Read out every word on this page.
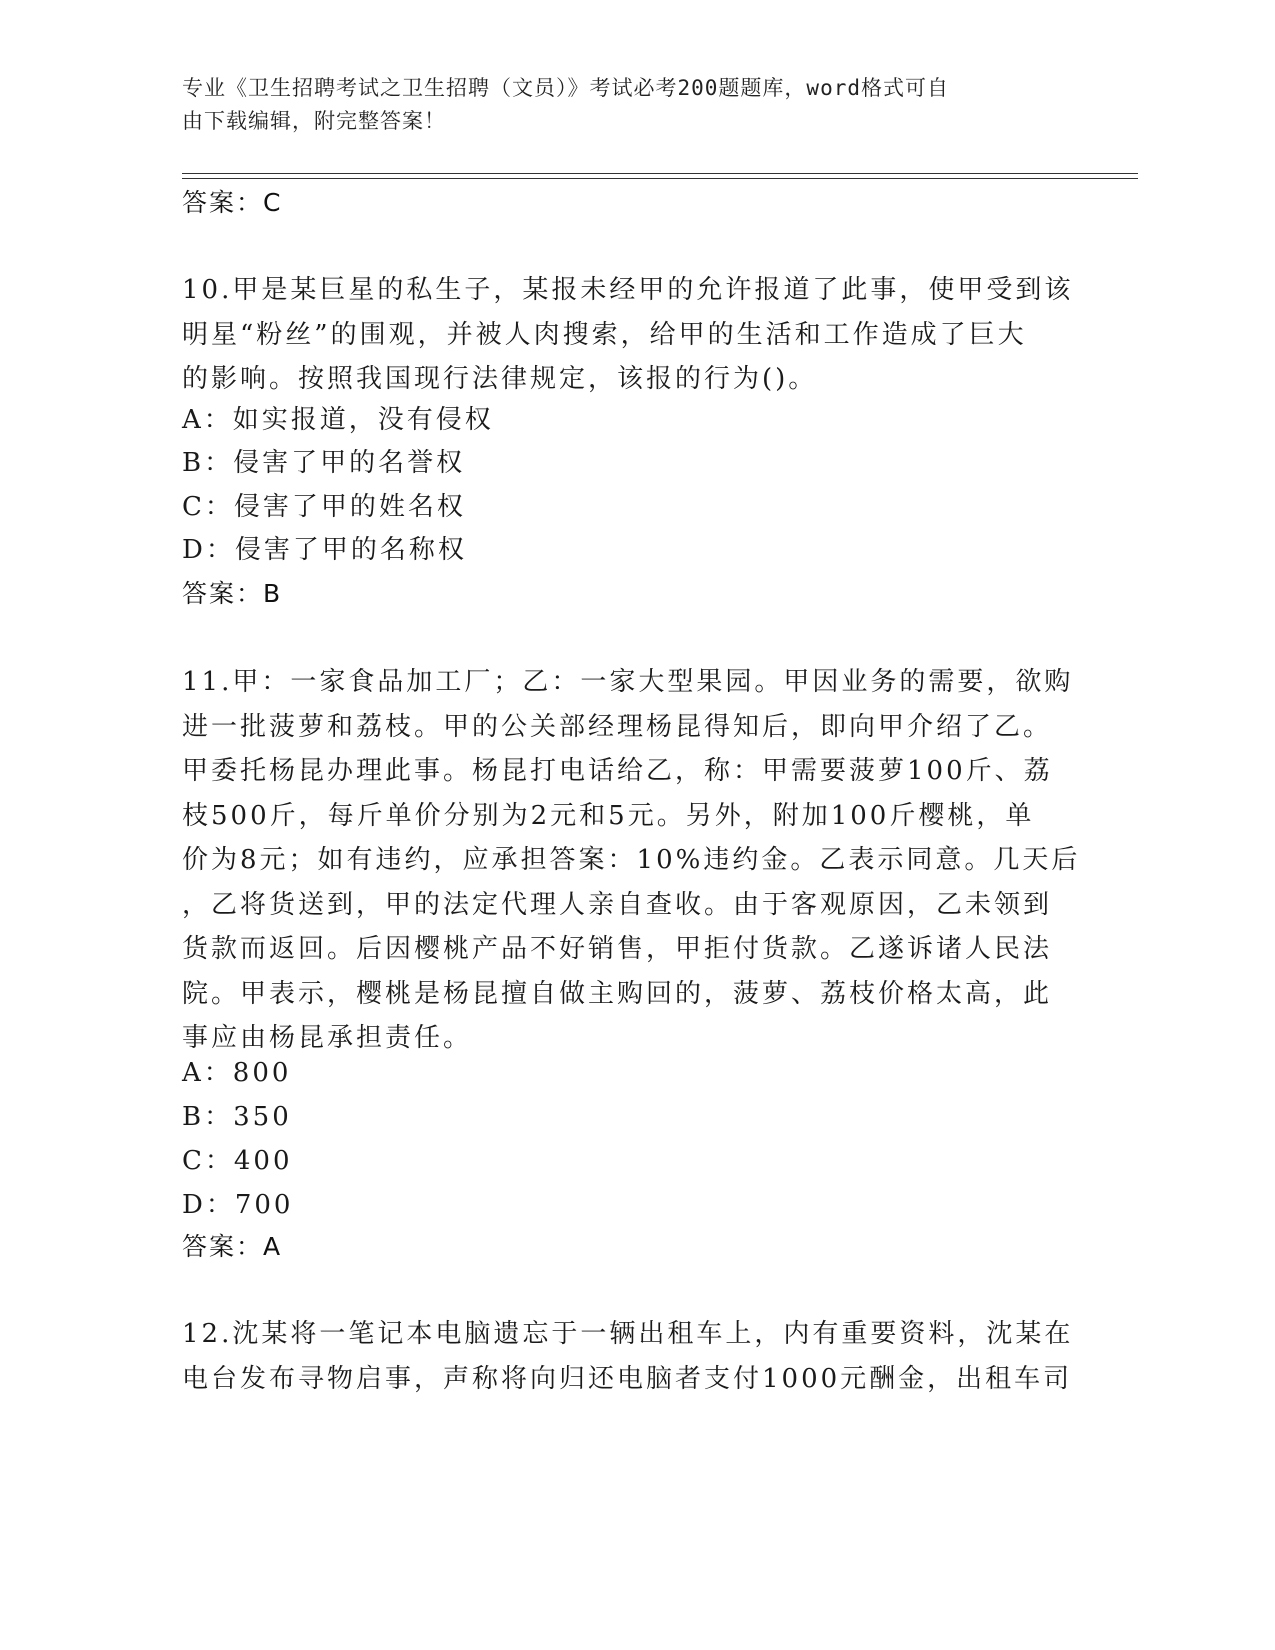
专业《卫生招聘考试之卫生招聘（文员）》考试必考200题题库，word格式可自
由下载编辑，附完整答案！
答案：C
10.甲是某巨星的私生子，某报未经甲的允许报道了此事，使甲受到该
明星“粉丝”的围观，并被人肉搜索，给甲的生活和工作造成了巨大
的影响。按照我国现行法律规定，该报的行为()。
A：如实报道，没有侵权
B：侵害了甲的名誉权
C：侵害了甲的姓名权
D：侵害了甲的名称权
答案：B
11.甲：一家食品加工厂；乙：一家大型果园。甲因业务的需要，欲购
进一批菠萝和荔枝。甲的公关部经理杨昆得知后，即向甲介绍了乙。
甲委托杨昆办理此事。杨昆打电话给乙，称：甲需要菠萝100斤、荔
枝500斤，每斤单价分别为2元和5元。另外，附加100斤樱桃，单
价为8元；如有违约，应承担答案：10%违约金。乙表示同意。几天后
，乙将货送到，甲的法定代理人亲自查收。由于客观原因，乙未领到
货款而返回。后因樱桃产品不好销售，甲拒付货款。乙遂诉诸人民法
院。甲表示，樱桃是杨昆擅自做主购回的，菠萝、荔枝价格太高，此
事应由杨昆承担责任。
A：800
B：350
C：400
D：700
答案：A
12.沈某将一笔记本电脑遗忘于一辆出租车上，内有重要资料，沈某在
电台发布寻物启事，声称将向归还电脑者支付1000元酬金，出租车司
